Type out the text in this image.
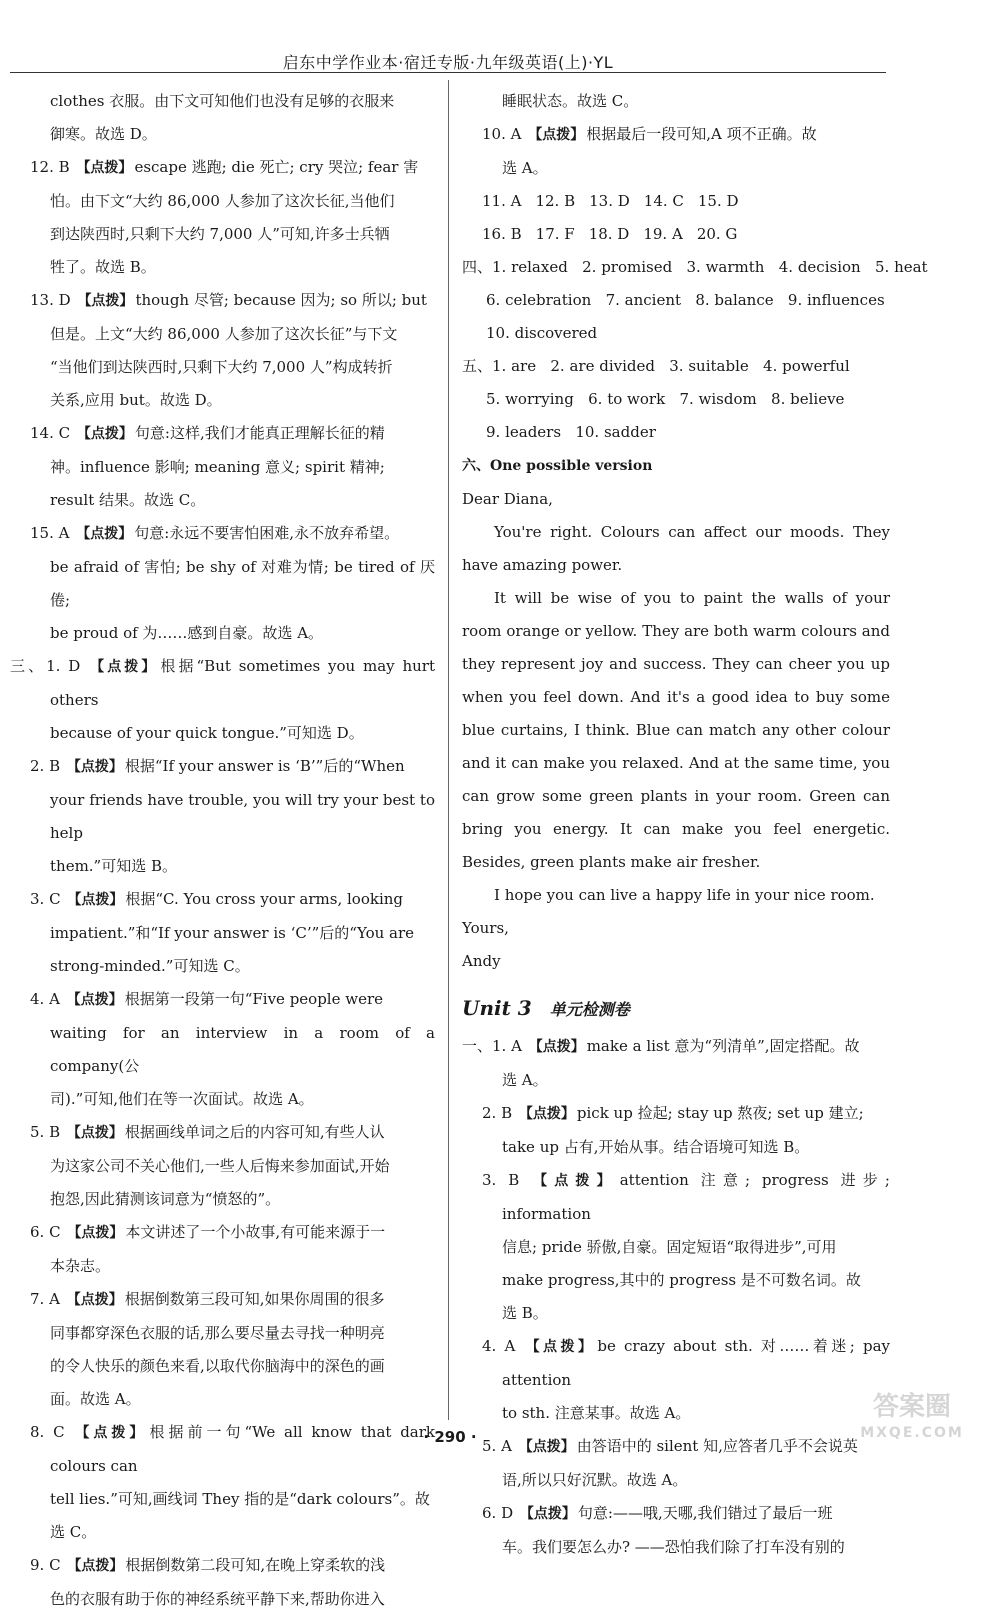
启东中学作业本·宿迁专版·九年级英语(上)·YL

clothes 衣服。由下文可知他们也没有足够的衣服来

御寒。故选 D。

12. B 【点拨】 escape 逃跑; die 死亡; cry 哭泣; fear 害

怕。由下文“大约 86,000 人参加了这次长征,当他们

到达陕西时,只剩下大约 7,000 人”可知,许多士兵牺

牲了。故选 B。

13. D 【点拨】 though 尽管; because 因为; so 所以; but

但是。上文“大约 86,000 人参加了这次长征”与下文

“当他们到达陕西时,只剩下大约 7,000 人”构成转折

关系,应用 but。故选 D。

14. C 【点拨】 句意:这样,我们才能真正理解长征的精

神。influence 影响; meaning 意义; spirit 精神;

result 结果。故选 C。

15. A 【点拨】 句意:永远不要害怕困难,永不放弃希望。

be afraid of 害怕; be shy of 对难为情; be tired of 厌倦;

be proud of 为……感到自豪。故选 A。

三、1. D 【点拨】 根据“But sometimes you may hurt others

because of your quick tongue.”可知选 D。

2. B 【点拨】 根据“If your answer is ‘B’”后的“When

your friends have trouble, you will try your best to help

them.”可知选 B。

3. C 【点拨】 根据“C. You cross your arms, looking

impatient.”和“If your answer is ‘C’”后的“You are

strong-minded.”可知选 C。

4. A 【点拨】 根据第一段第一句“Five people were

waiting for an interview in a room of a company(公

司).”可知,他们在等一次面试。故选 A。

5. B 【点拨】 根据画线单词之后的内容可知,有些人认

为这家公司不关心他们,一些人后悔来参加面试,开始

抱怨,因此猜测该词意为“愤怒的”。

6. C 【点拨】 本文讲述了一个小故事,有可能来源于一

本杂志。

7. A 【点拨】 根据倒数第三段可知,如果你周围的很多

同事都穿深色衣服的话,那么要尽量去寻找一种明亮

的令人快乐的颜色来看,以取代你脑海中的深色的画

面。故选 A。

8. C 【点拨】 根据前一句“We all know that dark colours can

tell lies.”可知,画线词 They 指的是“dark colours”。故

选 C。

9. C 【点拨】 根据倒数第二段可知,在晚上穿柔软的浅

色的衣服有助于你的神经系统平静下来,帮助你进入

睡眠状态。故选 C。

10. A 【点拨】 根据最后一段可知,A 项不正确。故

选 A。

11. A 12. B 13. D 14. C 15. D

16. B 17. F 18. D 19. A 20. G

四、1. relaxed   2. promised   3. warmth   4. decision   5. heat

6. celebration   7. ancient   8. balance   9. influences

10. discovered

五、1. are   2. are divided   3. suitable   4. powerful

5. worrying   6. to work   7. wisdom   8. believe

9. leaders   10. sadder

六、One possible version

Dear Diana,

You're right. Colours can affect our moods. They have amazing power.

It will be wise of you to paint the walls of your room orange or yellow. They are both warm colours and they represent joy and success. They can cheer you up when you feel down. And it's a good idea to buy some blue curtains, I think. Blue can match any other colour and it can make you relaxed. And at the same time, you can grow some green plants in your room. Green can bring you energy. It can make you feel energetic. Besides, green plants make air fresher.

I hope you can live a happy life in your nice room.

Yours,

Andy

Unit 3 单元检测卷

一、1. A 【点拨】 make a list 意为“列清单”,固定搭配。故

选 A。

2. B 【点拨】 pick up 捡起; stay up 熬夜; set up 建立;

take up 占有,开始从事。结合语境可知选 B。

3. B 【点拨】 attention 注意; progress 进步; information

信息; pride 骄傲,自豪。固定短语“取得进步”,可用

make progress,其中的 progress 是不可数名词。故

选 B。

4. A 【点拨】 be crazy about sth. 对……着迷; pay attention

to sth. 注意某事。故选 A。

5. A 【点拨】 由答语中的 silent 知,应答者几乎不会说英

语,所以只好沉默。故选 A。

6. D 【点拨】 句意:——哦,天哪,我们错过了最后一班

车。我们要怎么办? ——恐怕我们除了打车没有别的

· 290 ·
答案圈
MXQE.COM
